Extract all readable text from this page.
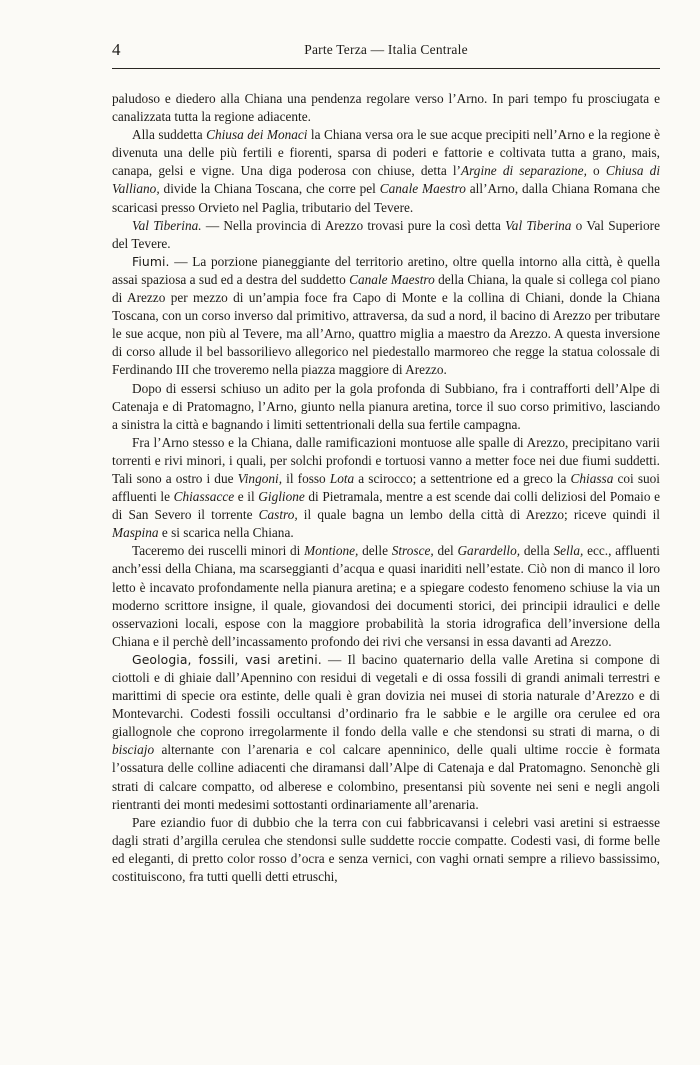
4	Parte Terza — Italia Centrale

paludoso e diedero alla Chiana una pendenza regolare verso l’Arno. In pari tempo fu prosciugata e canalizzata tutta la regione adiacente.

Alla suddetta Chiusa dei Monaci la Chiana versa ora le sue acque precipiti nell’Arno e la regione è divenuta una delle più fertili e fiorenti, sparsa di poderi e fattorie e coltivata tutta a grano, mais, canapa, gelsi e vigne. Una diga poderosa con chiuse, detta l’Argine di separazione, o Chiusa di Valliano, divide la Chiana Toscana, che corre pel Canale Maestro all’Arno, dalla Chiana Romana che scaricasi presso Orvieto nel Paglia, tributario del Tevere.

Val Tiberina. — Nella provincia di Arezzo trovasi pure la così detta Val Tiberina o Val Superiore del Tevere.

Fiumi. — La porzione pianeggiante del territorio aretino, oltre quella intorno alla città, è quella assai spaziosa a sud ed a destra del suddetto Canale Maestro della Chiana, la quale si collega col piano di Arezzo per mezzo di un’ampia foce fra Capo di Monte e la collina di Chiani, donde la Chiana Toscana, con un corso inverso dal primitivo, attraversa, da sud a nord, il bacino di Arezzo per tributare le sue acque, non più al Tevere, ma all’Arno, quattro miglia a maestro da Arezzo. A questa inversione di corso allude il bel bassorilievo allegorico nel piedestallo marmoreo che regge la statua colossale di Ferdinando III che troveremo nella piazza maggiore di Arezzo.

Dopo di essersi schiuso un adito per la gola profonda di Subbiano, fra i contrafforti dell’Alpe di Catenaja e di Pratomagno, l’Arno, giunto nella pianura aretina, torce il suo corso primitivo, lasciando a sinistra la città e bagnando i limiti settentrionali della sua fertile campagna.

Fra l’Arno stesso e la Chiana, dalle ramificazioni montuose alle spalle di Arezzo, precipitano varii torrenti e rivi minori, i quali, per solchi profondi e tortuosi vanno a metter foce nei due fiumi suddetti. Tali sono a ostro i due Vingoni, il fosso Lota a scirocco; a settentrione ed a greco la Chiassa coi suoi affluenti le Chiassacce e il Giglione di Pietramala, mentre a est scende dai colli deliziosi del Pomaio e di San Severo il torrente Castro, il quale bagna un lembo della città di Arezzo; riceve quindi il Maspina e si scarica nella Chiana.

Taceremo dei ruscelli minori di Montione, delle Strosce, del Garardello, della Sella, ecc., affluenti anch’essi della Chiana, ma scarseggianti d’acqua e quasi inariditi nell’estate. Ciò non di manco il loro letto è incavato profondamente nella pianura aretina; e a spiegare codesto fenomeno schiuse la via un moderno scrittore insigne, il quale, giovandosi dei documenti storici, dei principii idraulici e delle osservazioni locali, espose con la maggiore probabilità la storia idrografica dell’inversione della Chiana e il perchè dell’incassamento profondo dei rivi che versansi in essa davanti ad Arezzo.

Geologia, fossili, vasi aretini. — Il bacino quaternario della valle Aretina si compone di ciottoli e di ghiaie dall’Apennino con residui di vegetali e di ossa fossili di grandi animali terrestri e marittimi di specie ora estinte, delle quali è gran dovizia nei musei di storia naturale d’Arezzo e di Montevarchi. Codesti fossili occultansi d’ordinario fra le sabbie e le argille ora cerulee ed ora giallognole che coprono irregolarmente il fondo della valle e che stendonsi su strati di marna, o di bisciajo alternante con l’arenaria e col calcare apenninico, delle quali ultime roccie è formata l’ossatura delle colline adiacenti che diramansi dall’Alpe di Catenaja e dal Pratomagno. Senonchè gli strati di calcare compatto, od alberese e colombino, presentansi più sovente nei seni e negli angoli rientranti dei monti medesimi sottostanti ordinariamente all’arenaria.

Pare eziandio fuor di dubbio che la terra con cui fabbricavansi i celebri vasi aretini si estraesse dagli strati d’argilla cerulea che stendonsi sulle suddette roccie compatte. Codesti vasi, di forme belle ed eleganti, di pretto color rosso d’ocra e senza vernici, con vaghi ornati sempre a rilievo bassissimo, costituiscono, fra tutti quelli detti etruschi,
